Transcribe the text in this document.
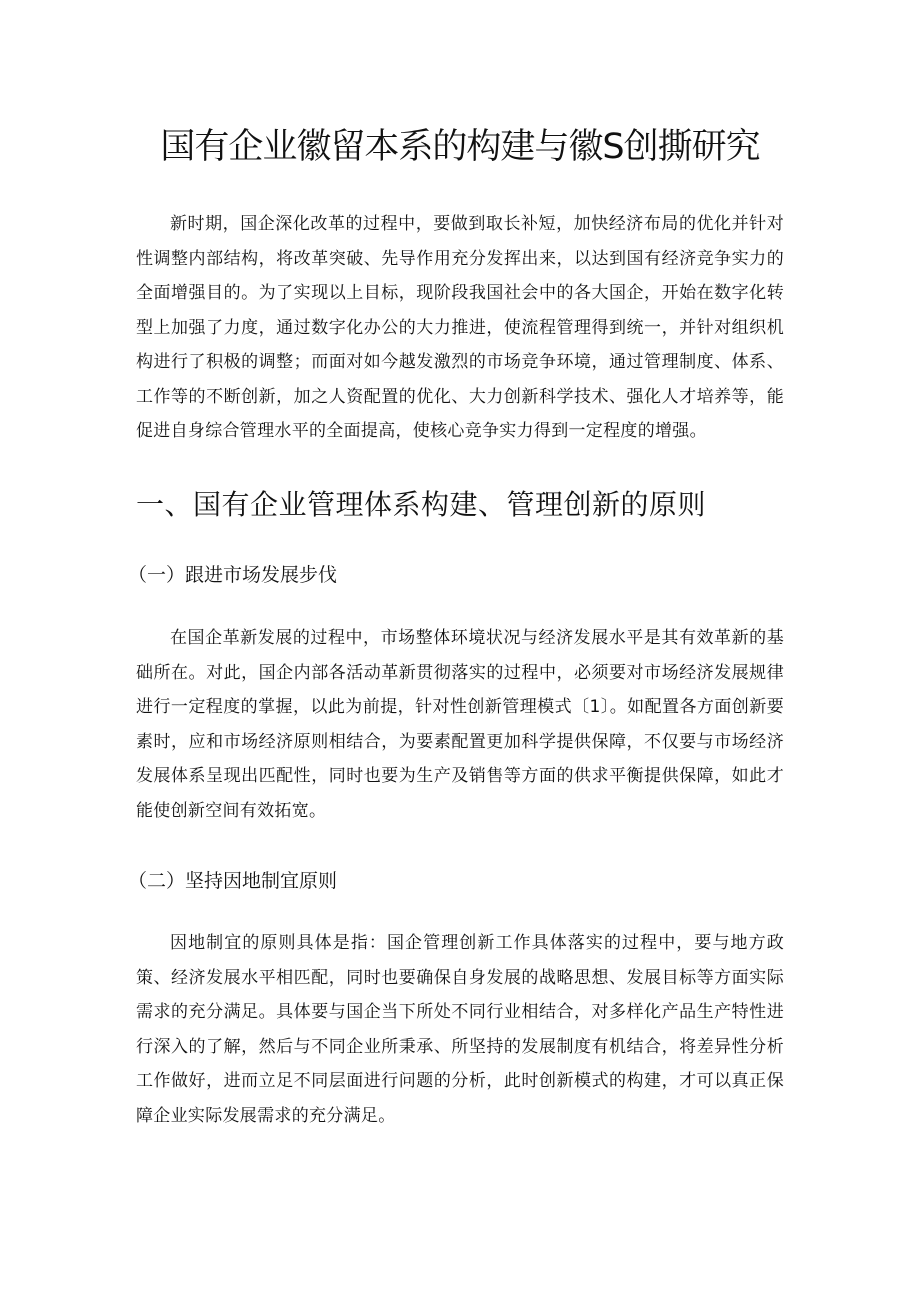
国有企业徽留本系的构建与徽S创撕研究

新时期，国企深化改革的过程中，要做到取长补短，加快经济布局的优化并针对性调整内部结构，将改革突破、先导作用充分发挥出来，以达到国有经济竞争实力的全面增强目的。为了实现以上目标，现阶段我国社会中的各大国企，开始在数字化转型上加强了力度，通过数字化办公的大力推进，使流程管理得到统一，并针对组织机构进行了积极的调整；而面对如今越发激烈的市场竞争环境，通过管理制度、体系、工作等的不断创新，加之人资配置的优化、大力创新科学技术、强化人才培养等，能促进自身综合管理水平的全面提高，使核心竞争实力得到一定程度的增强。

一、国有企业管理体系构建、管理创新的原则
（一）跟进市场发展步伐

在国企革新发展的过程中，市场整体环境状况与经济发展水平是其有效革新的基础所在。对此，国企内部各活动革新贯彻落实的过程中，必须要对市场经济发展规律进行一定程度的掌握，以此为前提，针对性创新管理模式〔1〕。如配置各方面创新要素时，应和市场经济原则相结合，为要素配置更加科学提供保障，不仅要与市场经济发展体系呈现出匹配性，同时也要为生产及销售等方面的供求平衡提供保障，如此才能使创新空间有效拓宽。

（二）坚持因地制宜原则

因地制宜的原则具体是指：国企管理创新工作具体落实的过程中，要与地方政策、经济发展水平相匹配，同时也要确保自身发展的战略思想、发展目标等方面实际需求的充分满足。具体要与国企当下所处不同行业相结合，对多样化产品生产特性进行深入的了解，然后与不同企业所秉承、所坚持的发展制度有机结合，将差异性分析工作做好，进而立足不同层面进行问题的分析，此时创新模式的构建，才可以真正保障企业实际发展需求的充分满足。
